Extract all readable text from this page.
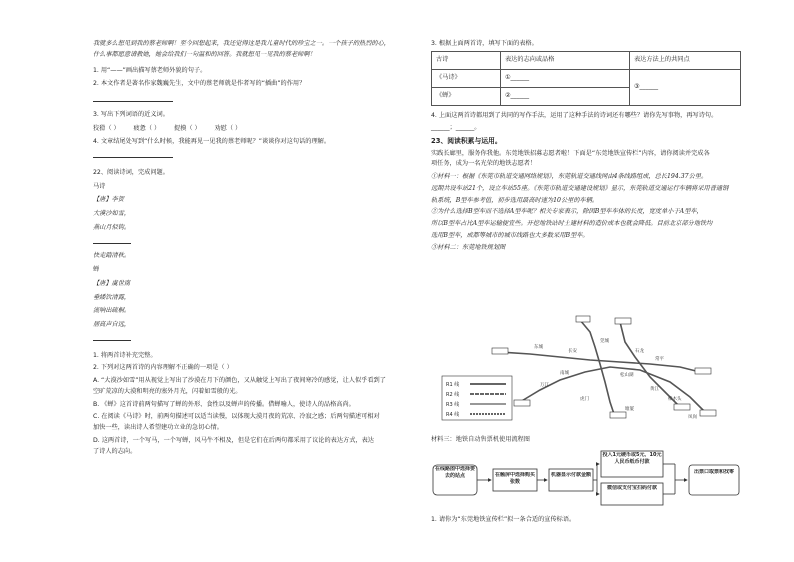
我就多么想见到我的蔡老师啊！至今回想起来，我还觉得这是我儿童时代的珍宝之一。一个孩子的热烈的心，

什么事都愿意请教她，她会给我们一句温和的回答。我就想见一见我的蔡老师啊！

1. 用“——”画出描写蔡老师外貌的句子。

2. 本文作者是著名作家魏巍先生，文中的蔡老师就是作者写的“插曲”的作用？

3. 写出下列词语的近义词。

狡猾（ ） 疲惫（ ） 捉摸（ ） 劝慰（ ）

4. 文章结尾处写到“什么时候，我能再见一见我的蔡老师呢？”谈谈你对这句话的理解。

22、阅读诗词，完成问题。

马诗

【唐】李贺

大漠沙如雪，

燕山月似钩。

快走踏清秋。

蝉

【唐】虞世南

垂緌饮清露，

流响出疏桐。

居高声自远，

1. 将两首诗补充完整。

2. 下列对这两首诗的内容理解不正确的一项是（ ）

A. “大漠沙如雪”用从视觉上写出了沙漠在月下的颜色，又从触觉上写出了夜间寒冷的感觉，让人似乎看到了

空旷荒凉的大漠和明亮的塞外月光，闪着如雪般的光。

B. 《蝉》这首诗前两句描写了蝉的外形、食性以及蝉声的传播。借蝉喻人，使诗人的品格高尚。

C. 在阅读《马诗》时，前两句描述可以适当读慢，以体现大漠月夜的荒凉、冷寂之感；后两句描述可相对

加快一些，读出诗人希望建功立业的急切心情。

D. 这两首诗，一个写马，一个写蝉，风马牛不相及，但是它们在后两句都采用了议论的表达方式，表达

了诗人的志向。

3. 根据上面两首诗，填写下面的表格。

古诗	表达的志向或品格	表达方法上的共同点
《马诗》	①______	③______
《蝉》	②______	

4. 上面这两首诗都用到了共同的写作手法，运用了这种手法的诗词还有哪些？请你先写事物，再写诗句。

______；______。

23、阅读积累与运用。

实践长廊里，服务你我他。东莞地铁招募志愿者啦！下面是“东莞地铁宣传栏”内容，请你阅读并完成各

项任务，成为一名光荣的地铁志愿者！

①材料一：根据《东莞市轨道交通网络规划》，东莞轨道交通线网由4条线路组成，总长194.37公里。

远期共设车站21个，设立车站55座。《东莞市轨道交通建设规划》显示，东莞轨道交通运行车辆将采用普通钢

轨系统，B型车参考值，初步选用最高时速为10公里的车辆。

②为什么选择B型车而不选择A型车呢？相关专家表示，除因B型车车体的长度，宽度单小于A型车，

所以B型车占比A型车运输便宜些。开挖地铁站时土建材料的造价成本也就会降低。目前北京部分地铁均

选用B型车，成都等城市的城市线路也大多数采用B型车。

③材料二：东莞地铁规划图

东城
长安
莞城
石龙
常平
南城	松山湖
万江
黄江
虎门	樟木头
塘厦
凤岗
R1 线
R2 线
R3 线
R4 线

材料三：地铁自动售票机使用流程图

在线路图中选择要去的站点	在触屏中选择购买张数
机器显示付款金额
投入1元硬币或5元、10元人民币纸币付款
微信或支付宝扫码付款
出票口取票和找零

1. 请你为“东莞地铁宣传栏”拟一条合适的宣传标语。
